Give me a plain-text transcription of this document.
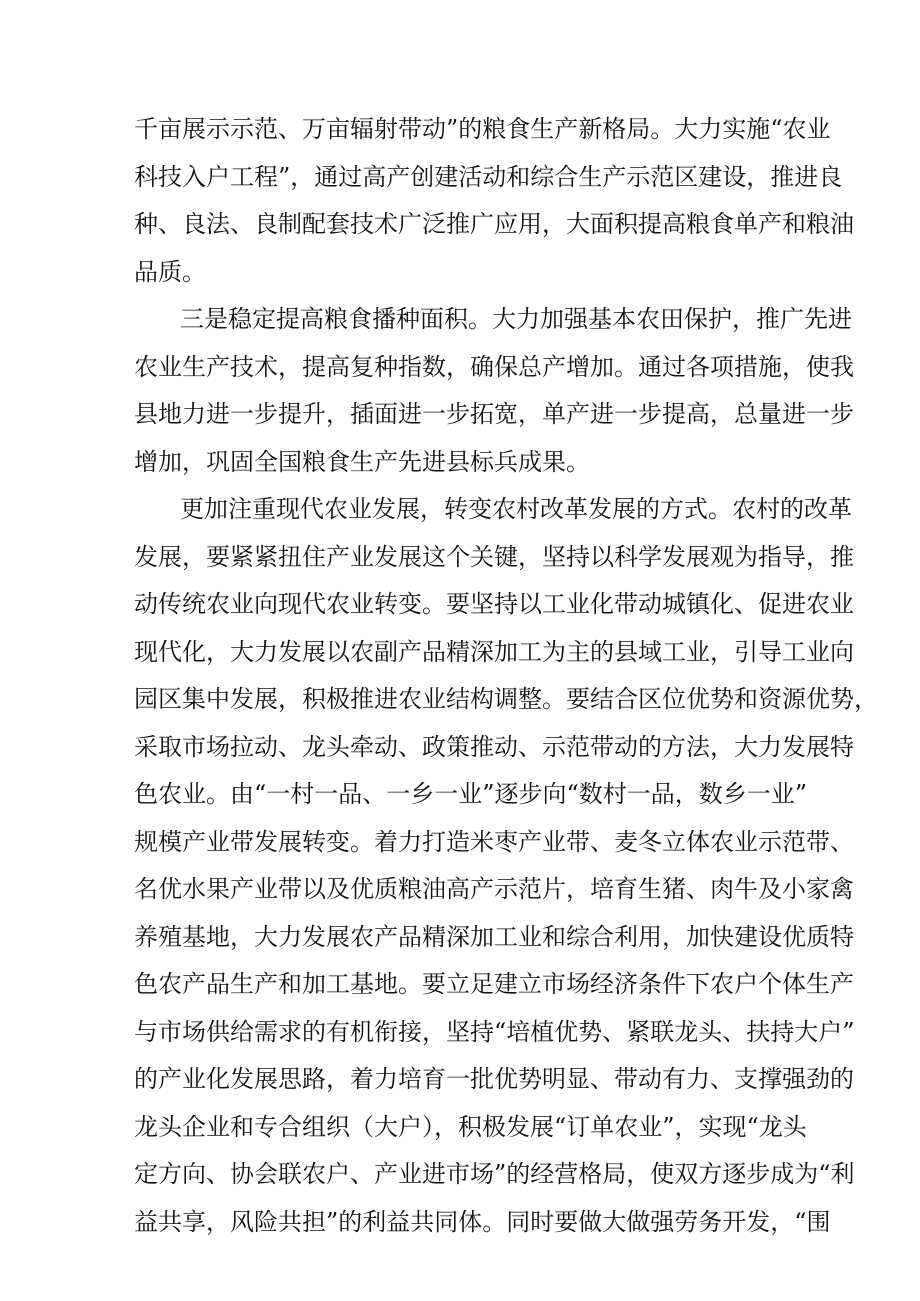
千亩展示示范、万亩辐射带动”的粮食生产新格局。大力实施“农业
科技入户工程”，通过高产创建活动和综合生产示范区建设，推进良
种、良法、良制配套技术广泛推广应用，大面积提高粮食单产和粮油
品质。
三是稳定提高粮食播种面积。大力加强基本农田保护，推广先进
农业生产技术，提高复种指数，确保总产增加。通过各项措施，使我
县地力进一步提升，插面进一步拓宽，单产进一步提高，总量进一步
增加，巩固全国粮食生产先进县标兵成果。
更加注重现代农业发展，转变农村改革发展的方式。农村的改革
发展，要紧紧扭住产业发展这个关键，坚持以科学发展观为指导，推
动传统农业向现代农业转变。要坚持以工业化带动城镇化、促进农业
现代化，大力发展以农副产品精深加工为主的县域工业，引导工业向
园区集中发展，积极推进农业结构调整。要结合区位优势和资源优势，
采取市场拉动、龙头牵动、政策推动、示范带动的方法，大力发展特
色农业。由“一村一品、一乡一业”逐步向“数村一品，数乡一业”
规模产业带发展转变。着力打造米枣产业带、麦冬立体农业示范带、
名优水果产业带以及优质粮油高产示范片，培育生猪、肉牛及小家禽
养殖基地，大力发展农产品精深加工业和综合利用，加快建设优质特
色农产品生产和加工基地。要立足建立市场经济条件下农户个体生产
与市场供给需求的有机衔接，坚持“培植优势、紧联龙头、扶持大户”
的产业化发展思路，着力培育一批优势明显、带动有力、支撑强劲的
龙头企业和专合组织（大户），积极发展“订单农业”，实现“龙头
定方向、协会联农户、产业进市场”的经营格局，使双方逐步成为“利
益共享，风险共担”的利益共同体。同时要做大做强劳务开发，“围
